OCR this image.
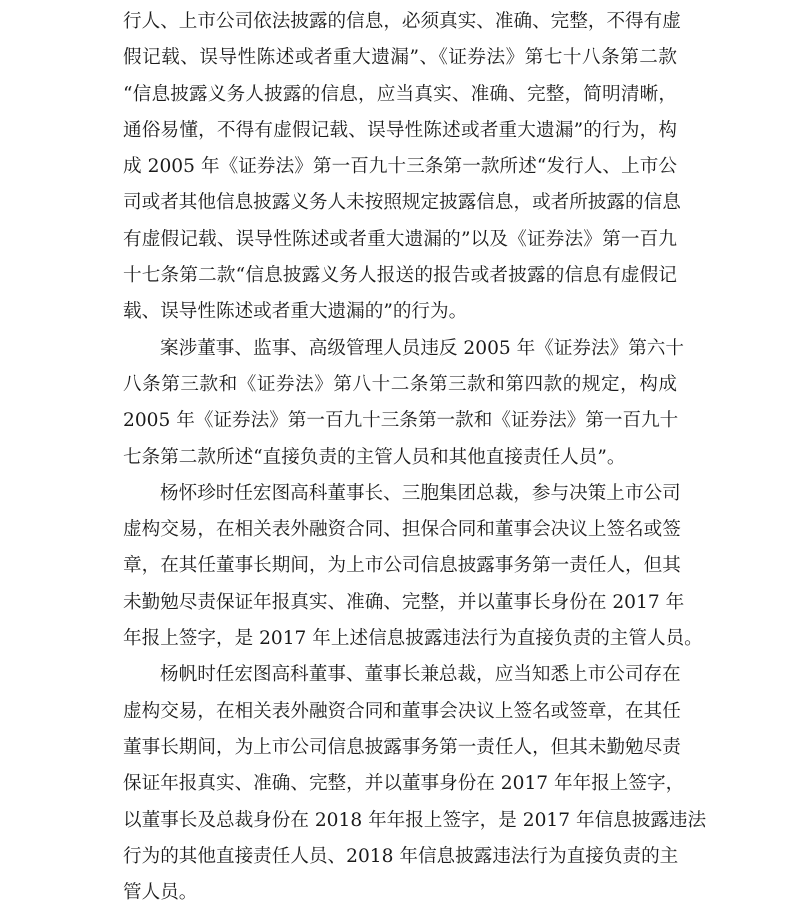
行人、上市公司依法披露的信息，必须真实、准确、完整，不得有虚
假记载、误导性陈述或者重大遗漏”、《证券法》第七十八条第二款
“信息披露义务人披露的信息，应当真实、准确、完整，简明清晰，
通俗易懂，不得有虚假记载、误导性陈述或者重大遗漏”的行为，构
成 2005 年《证券法》第一百九十三条第一款所述“发行人、上市公
司或者其他信息披露义务人未按照规定披露信息，或者所披露的信息
有虚假记载、误导性陈述或者重大遗漏的”以及《证券法》第一百九
十七条第二款“信息披露义务人报送的报告或者披露的信息有虚假记
载、误导性陈述或者重大遗漏的”的行为。
案涉董事、监事、高级管理人员违反 2005 年《证券法》第六十
八条第三款和《证券法》第八十二条第三款和第四款的规定，构成
2005 年《证券法》第一百九十三条第一款和《证券法》第一百九十
七条第二款所述“直接负责的主管人员和其他直接责任人员”。
杨怀珍时任宏图高科董事长、三胞集团总裁，参与决策上市公司
虚构交易，在相关表外融资合同、担保合同和董事会决议上签名或签
章，在其任董事长期间，为上市公司信息披露事务第一责任人，但其
未勤勉尽责保证年报真实、准确、完整，并以董事长身份在 2017 年
年报上签字，是 2017 年上述信息披露违法行为直接负责的主管人员。
杨帆时任宏图高科董事、董事长兼总裁，应当知悉上市公司存在
虚构交易，在相关表外融资合同和董事会决议上签名或签章，在其任
董事长期间，为上市公司信息披露事务第一责任人，但其未勤勉尽责
保证年报真实、准确、完整，并以董事身份在 2017 年年报上签字，
以董事长及总裁身份在 2018 年年报上签字，是 2017 年信息披露违法
行为的其他直接责任人员、2018 年信息披露违法行为直接负责的主
管人员。
